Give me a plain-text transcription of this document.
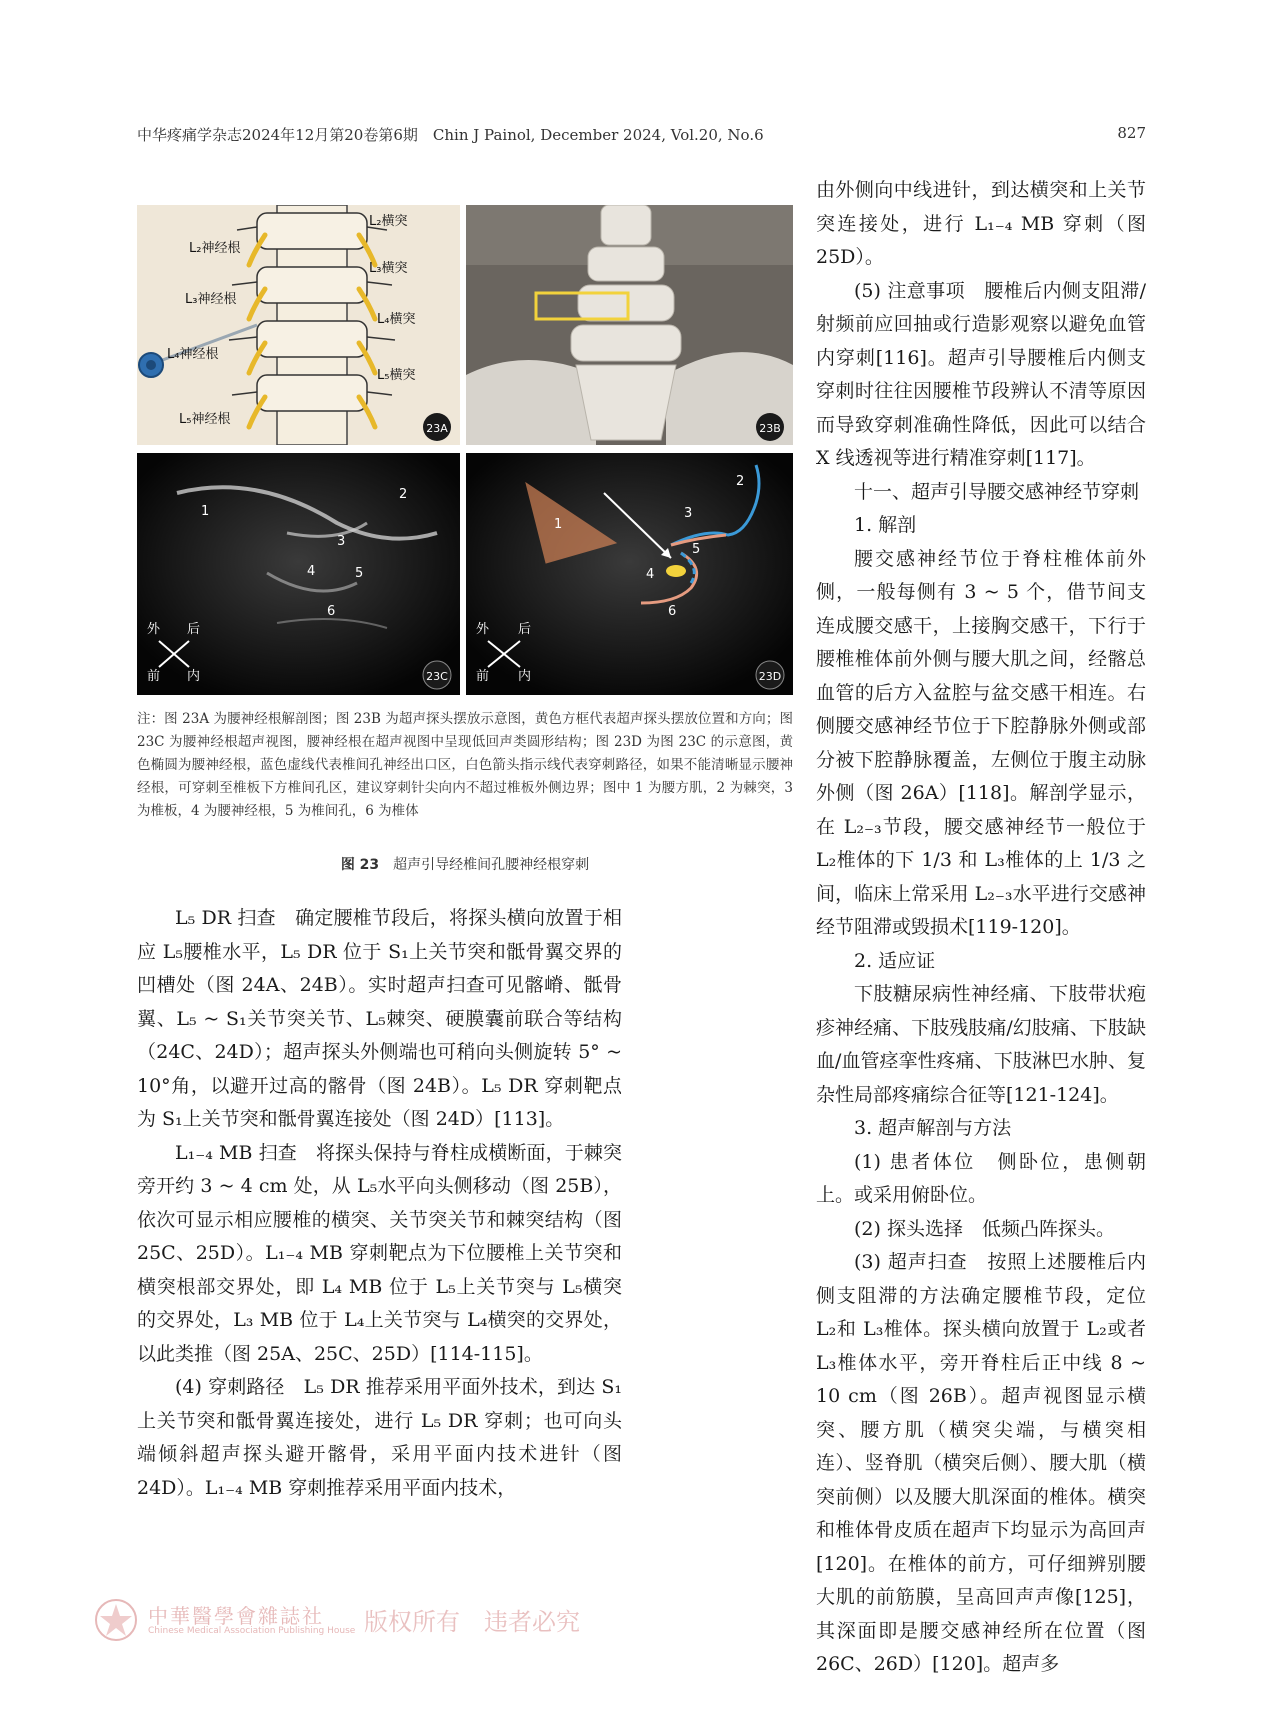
中华疼痛学杂志2024年12月第20卷第6期　Chin J Painol, December 2024, Vol.20, No.6	827
L₂横突
L₂神经根
L₃横突
L₃神经根
L₄横突
L₄神经根
L₅横突
L₅神经根
23A	23B
1
2
3
4	5
6
外 后
前 内	23C
1
2
3
4
5
6
外 后
前 内	23D
注：图 23A 为腰神经根解剖图；图 23B 为超声探头摆放示意图，黄色方框代表超声探头摆放位置和方向；图 23C 为腰神经根超声视图，腰神经根在超声视图中呈现低回声类圆形结构；图 23D 为图 23C 的示意图，黄色椭圆为腰神经根，蓝色虚线代表椎间孔神经出口区，白色箭头指示线代表穿刺路径，如果不能清晰显示腰神经根，可穿刺至椎板下方椎间孔区，建议穿刺针尖向内不超过椎板外侧边界；图中 1 为腰方肌，2 为棘突，3 为椎板，4 为腰神经根，5 为椎间孔，6 为椎体
图 23 超声引导经椎间孔腰神经根穿刺

L₅ DR 扫查　确定腰椎节段后，将探头横向放置于相应 L₅腰椎水平，L₅ DR 位于 S₁上关节突和骶骨翼交界的凹槽处（图 24A、24B）。实时超声扫查可见髂嵴、骶骨翼、L₅ ~ S₁关节突关节、L₅棘突、硬膜囊前联合等结构（24C、24D）；超声探头外侧端也可稍向头侧旋转 5° ~ 10°角，以避开过高的髂骨（图 24B）。L₅ DR 穿刺靶点为 S₁上关节突和骶骨翼连接处（图 24D）[113]。

L₁₋₄ MB 扫查　将探头保持与脊柱成横断面，于棘突旁开约 3 ~ 4 cm 处，从 L₅水平向头侧移动（图 25B），依次可显示相应腰椎的横突、关节突关节和棘突结构（图 25C、25D）。L₁₋₄ MB 穿刺靶点为下位腰椎上关节突和横突根部交界处，即 L₄ MB 位于 L₅上关节突与 L₅横突的交界处，L₃ MB 位于 L₄上关节突与 L₄横突的交界处，以此类推（图 25A、25C、25D）[114-115]。

(4) 穿刺路径　L₅ DR 推荐采用平面外技术，到达 S₁上关节突和骶骨翼连接处，进行 L₅ DR 穿刺；也可向头端倾斜超声探头避开髂骨，采用平面内技术进针（图 24D）。L₁₋₄ MB 穿刺推荐采用平面内技术，

由外侧向中线进针，到达横突和上关节突连接处，进行 L₁₋₄ MB 穿刺（图 25D）。

(5) 注意事项　腰椎后内侧支阻滞/射频前应回抽或行造影观察以避免血管内穿刺[116]。超声引导腰椎后内侧支穿刺时往往因腰椎节段辨认不清等原因而导致穿刺准确性降低，因此可以结合 X 线透视等进行精准穿刺[117]。

十一、超声引导腰交感神经节穿刺

1. 解剖

腰交感神经节位于脊柱椎体前外侧，一般每侧有 3 ~ 5 个，借节间支连成腰交感干，上接胸交感干，下行于腰椎椎体前外侧与腰大肌之间，经髂总血管的后方入盆腔与盆交感干相连。右侧腰交感神经节位于下腔静脉外侧或部分被下腔静脉覆盖，左侧位于腹主动脉外侧（图 26A）[118]。解剖学显示，在 L₂₋₃节段，腰交感神经节一般位于 L₂椎体的下 1/3 和 L₃椎体的上 1/3 之间，临床上常采用 L₂₋₃水平进行交感神经节阻滞或毁损术[119-120]。

2. 适应证

下肢糖尿病性神经痛、下肢带状疱疹神经痛、下肢残肢痛/幻肢痛、下肢缺血/血管痉挛性疼痛、下肢淋巴水肿、复杂性局部疼痛综合征等[121-124]。

3. 超声解剖与方法

(1) 患者体位　侧卧位，患侧朝上。或采用俯卧位。

(2) 探头选择　低频凸阵探头。

(3) 超声扫查　按照上述腰椎后内侧支阻滞的方法确定腰椎节段，定位 L₂和 L₃椎体。探头横向放置于 L₂或者 L₃椎体水平，旁开脊柱后正中线 8 ~ 10 cm（图 26B）。超声视图显示横突、腰方肌（横突尖端，与横突相连）、竖脊肌（横突后侧）、腰大肌（横突前侧）以及腰大肌深面的椎体。横突和椎体骨皮质在超声下均显示为高回声[120]。在椎体的前方，可仔细辨别腰大肌的前筋膜，呈高回声声像[125]，其深面即是腰交感神经所在位置（图 26C、26D）[120]。超声多

中華醫學會雜誌社
Chinese Medical Association Publishing House 版权所有　违者必究
